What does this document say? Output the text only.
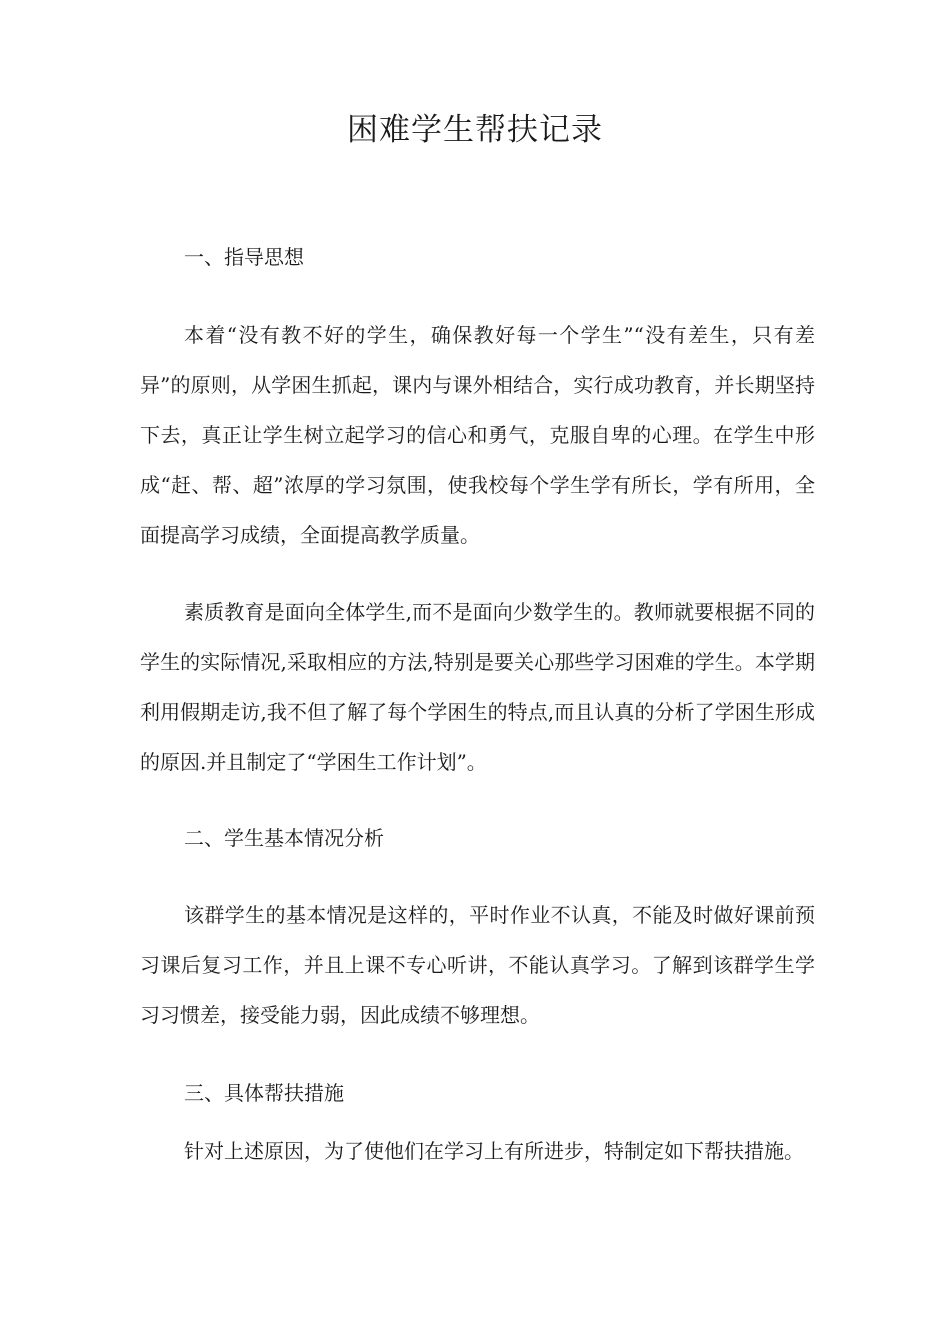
困难学生帮扶记录
一、指导思想

本着“没有教不好的学生，确保教好每一个学生”“没有差生，只有差异”的原则，从学困生抓起，课内与课外相结合，实行成功教育，并长期坚持下去，真正让学生树立起学习的信心和勇气，克服自卑的心理。在学生中形成“赶、帮、超”浓厚的学习氛围，使我校每个学生学有所长，学有所用，全面提高学习成绩，全面提高教学质量。

素质教育是面向全体学生,而不是面向少数学生的。教师就要根据不同的学生的实际情况,采取相应的方法,特别是要关心那些学习困难的学生。本学期利用假期走访,我不但了解了每个学困生的特点,而且认真的分析了学困生形成的原因.并且制定了“学困生工作计划”。

二、学生基本情况分析

该群学生的基本情况是这样的，平时作业不认真，不能及时做好课前预习课后复习工作，并且上课不专心听讲，不能认真学习。了解到该群学生学习习惯差，接受能力弱，因此成绩不够理想。

三、具体帮扶措施

针对上述原因，为了使他们在学习上有所进步，特制定如下帮扶措施。
